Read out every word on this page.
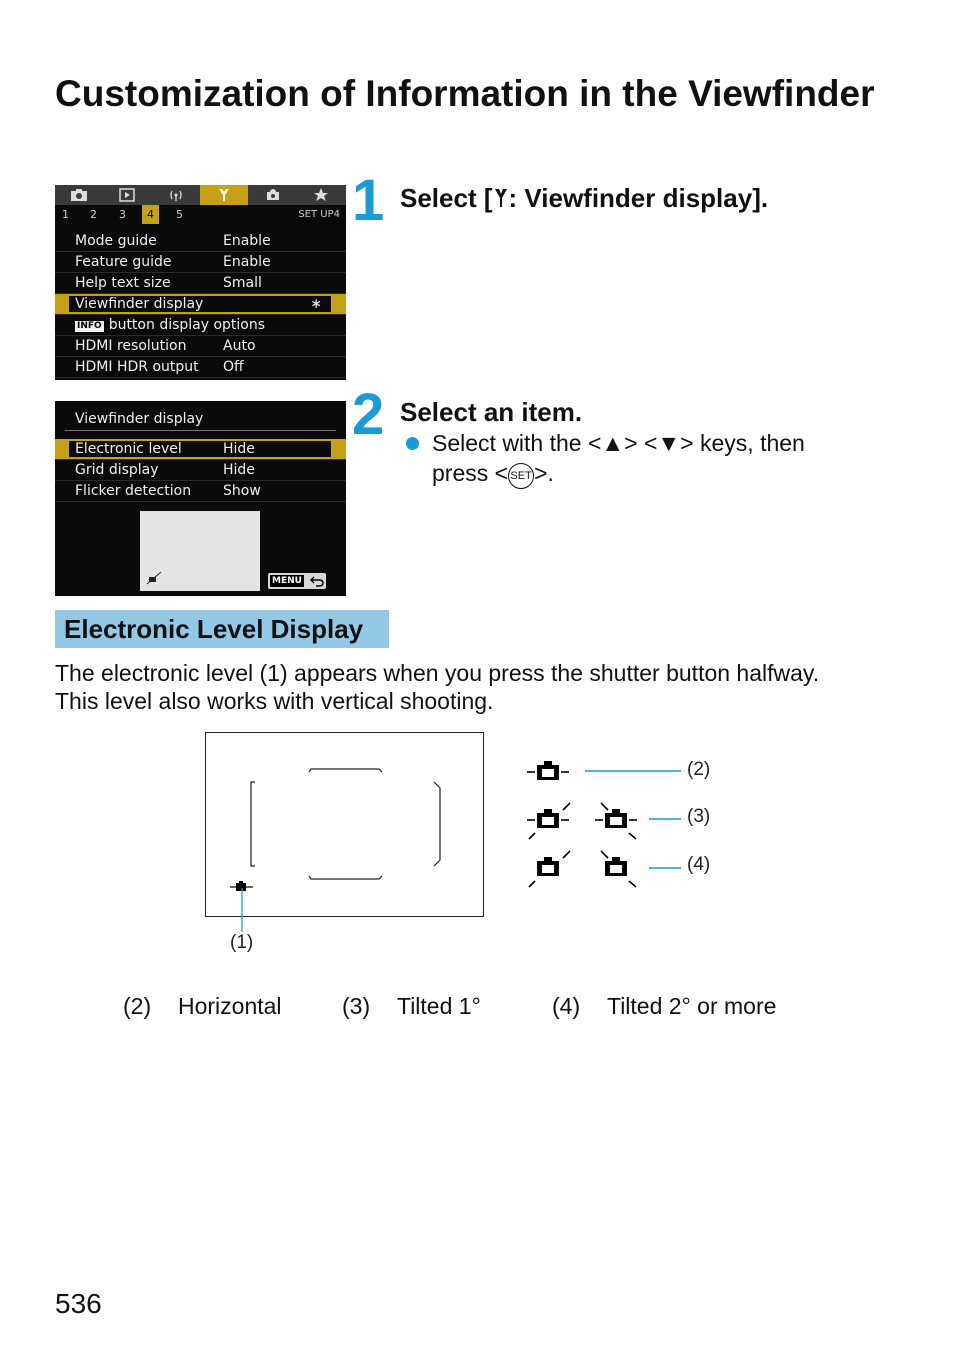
Customization of Information in the Viewfinder
1 2 3	4	5	SET UP4
Mode guide	Enable
Feature guide	Enable
Help text size	Small
Viewfinder display	∗
INFO button display options
HDMI resolution	Auto
HDMI HDR output Off
1 Select [ : Viewfinder display].
Viewfinder display
Electronic level	Hide
Grid display	Hide
Flicker detection Show
MENU
2 Select an item.
Select with the <▲> <▼> keys, then
press < SET>.
Electronic Level Display
The electronic level (1) appears when you press the shutter button halfway.
This level also works with vertical shooting.
(1)
(2)
(3)
(4)
(2) Horizontal	(3) Tilted 1°	(4) Tilted 2° or more
536
